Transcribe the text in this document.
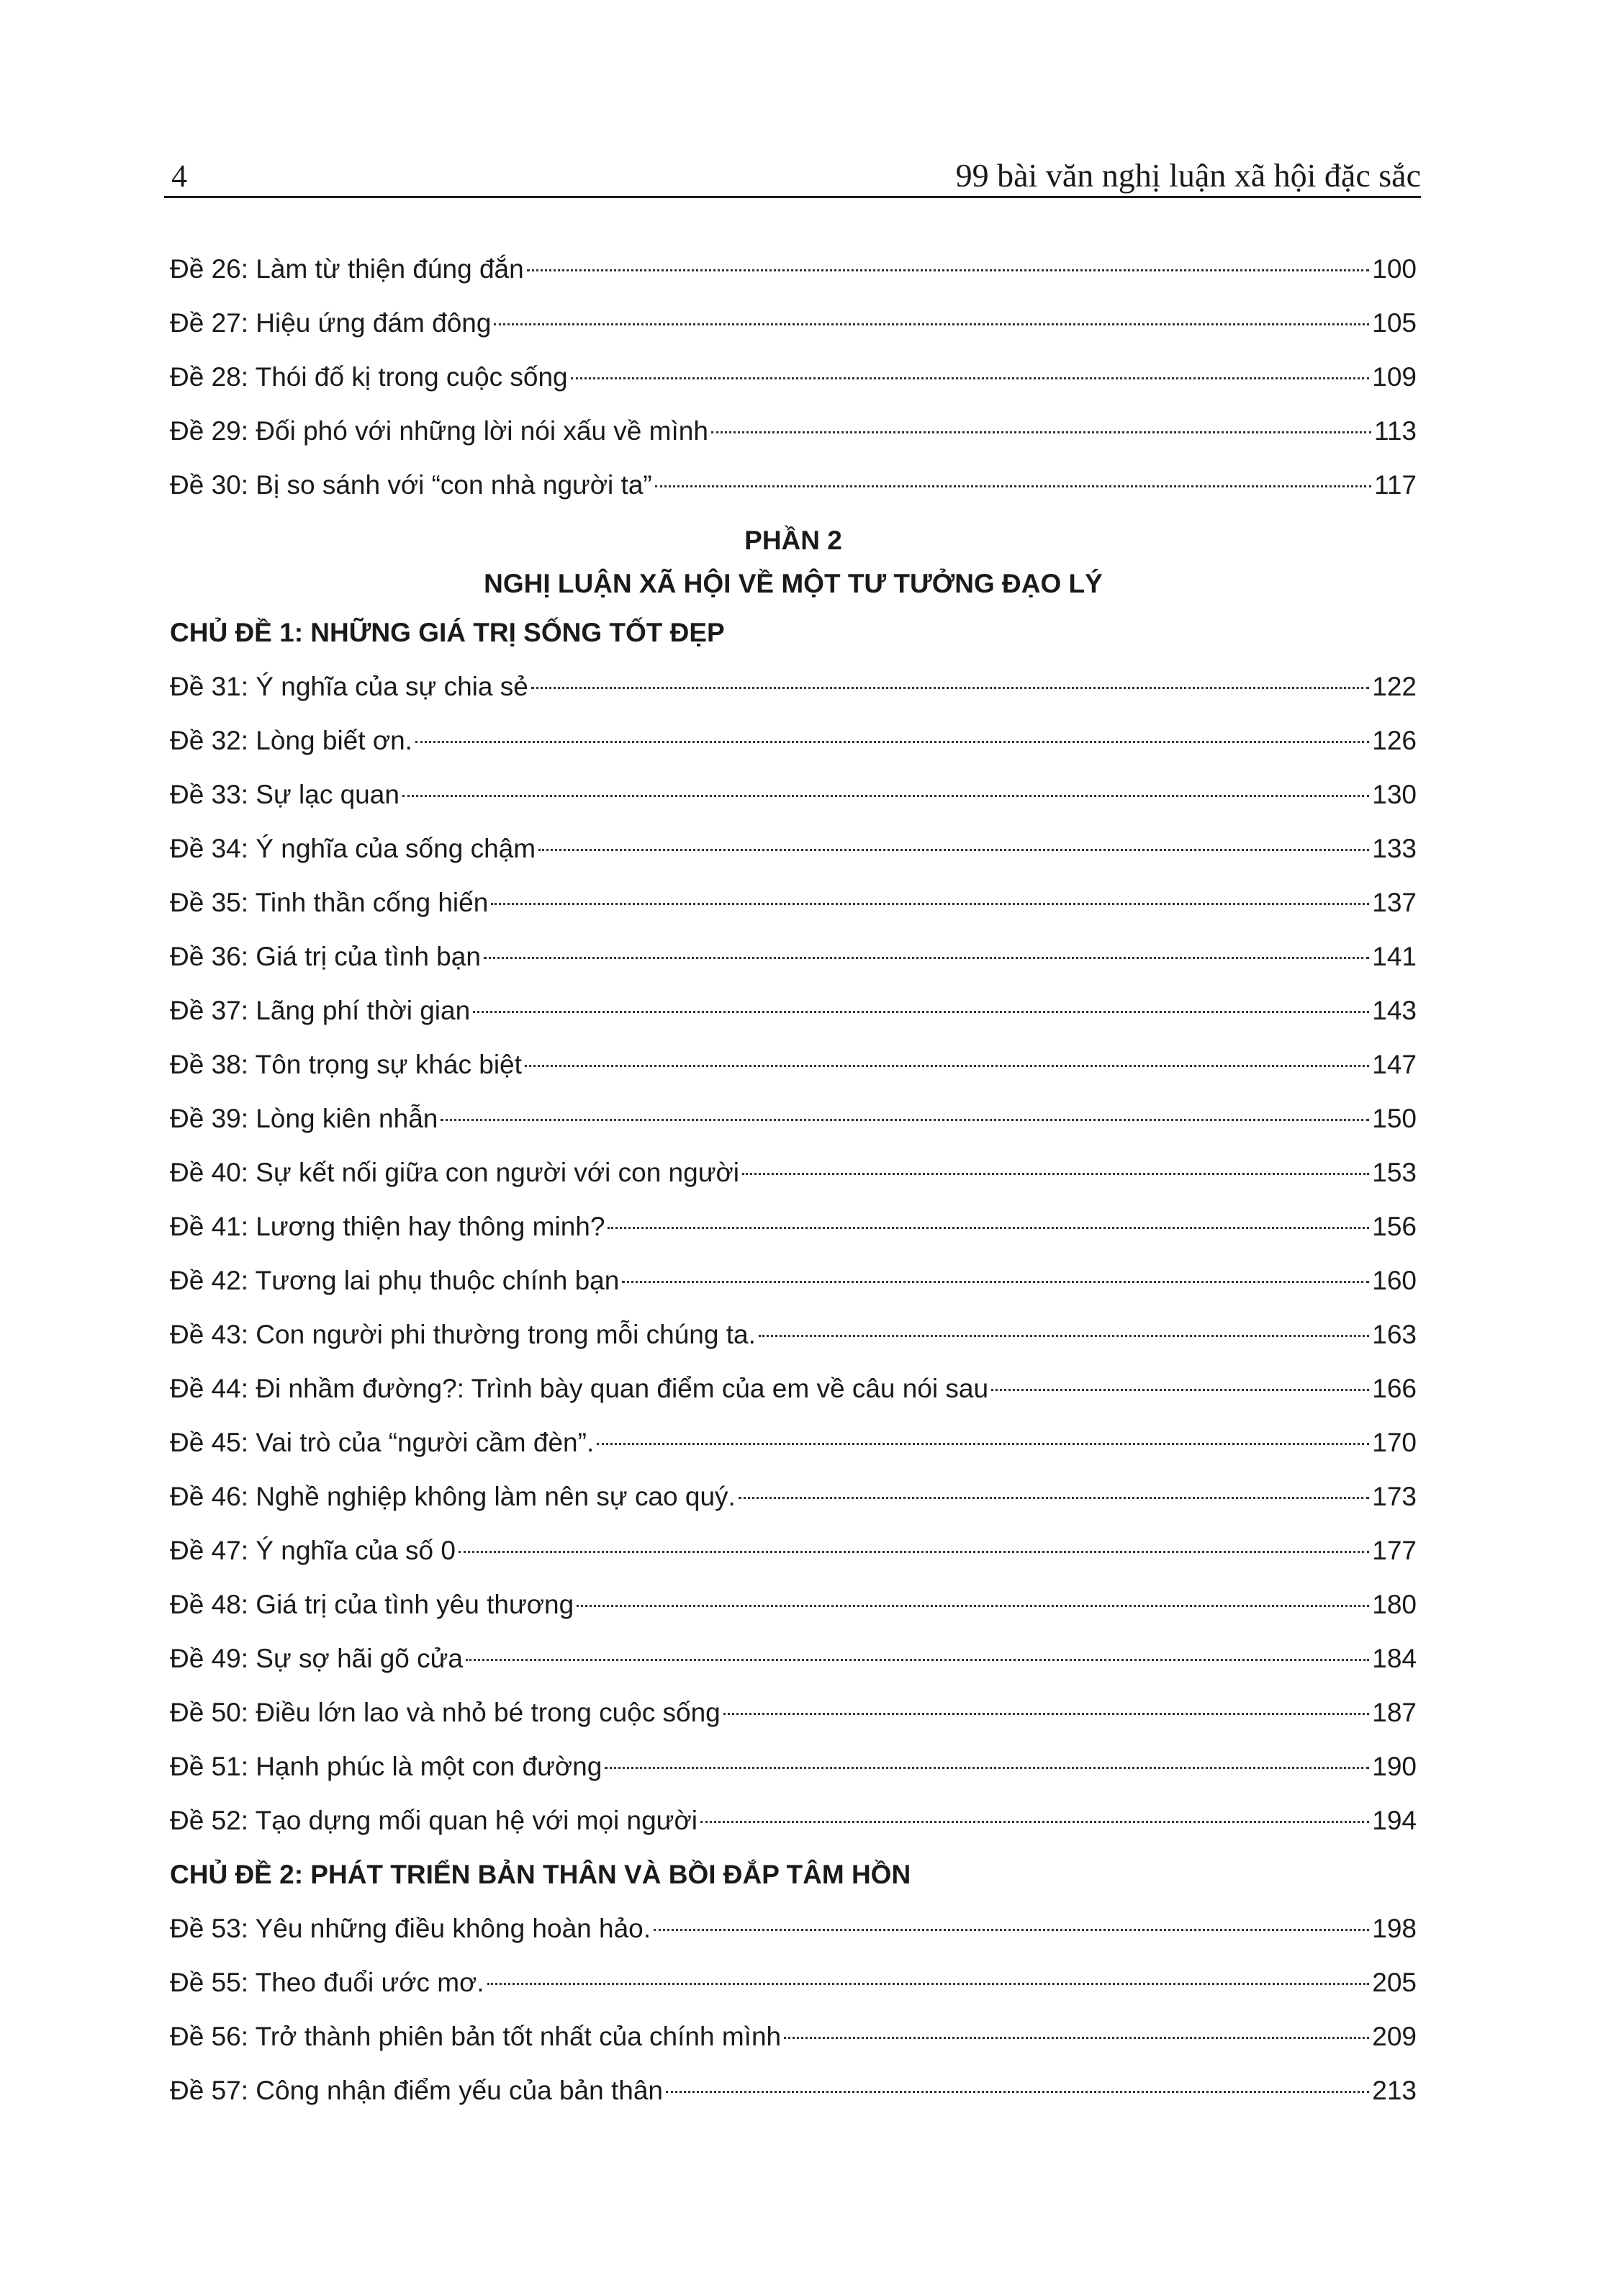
4	99 bài văn nghị luận xã hội đặc sắc
Đề 26: Làm từ thiện đúng đắn	100
Đề 27: Hiệu ứng đám đông	105
Đề 28: Thói đố kị trong cuộc sống	109
Đề 29: Đối phó với những lời nói xấu về mình	113
Đề 30: Bị so sánh với “con nhà người ta”	117
PHẦN 2
NGHỊ LUẬN XÃ HỘI VỀ MỘT TƯ TƯỞNG ĐẠO LÝ
CHỦ ĐỀ 1: NHỮNG GIÁ TRỊ SỐNG TỐT ĐẸP
Đề 31: Ý nghĩa của sự chia sẻ	122
Đề 32: Lòng biết ơn.	126
Đề 33: Sự lạc quan	130
Đề 34: Ý nghĩa của sống chậm	133
Đề 35: Tinh thần cống hiến	137
Đề 36: Giá trị của tình bạn	141
Đề 37: Lãng phí thời gian	143
Đề 38: Tôn trọng sự khác biệt	147
Đề 39: Lòng kiên nhẫn	150
Đề 40: Sự kết nối giữa con người với con người	153
Đề 41: Lương thiện hay thông minh?	156
Đề 42: Tương lai phụ thuộc chính bạn	160
Đề 43: Con người phi thường trong mỗi chúng ta.	163
Đề 44: Đi nhầm đường?: Trình bày quan điểm của em về câu nói sau	166
Đề 45: Vai trò của “người cầm đèn”.	170
Đề 46: Nghề nghiệp không làm nên sự cao quý.	173
Đề 47: Ý nghĩa của số 0	177
Đề 48: Giá trị của tình yêu thương	180
Đề 49: Sự sợ hãi gõ cửa	184
Đề 50: Điều lớn lao và nhỏ bé trong cuộc sống	187
Đề 51: Hạnh phúc là một con đường	190
Đề 52: Tạo dựng mối quan hệ với mọi người	194
CHỦ ĐỀ 2: PHÁT TRIỂN BẢN THÂN VÀ BỒI ĐẮP TÂM HỒN
Đề 53: Yêu những điều không hoàn hảo.	198
Đề 55: Theo đuổi ước mơ.	205
Đề 56: Trở thành phiên bản tốt nhất của chính mình	209
Đề 57: Công nhận điểm yếu của bản thân	213
